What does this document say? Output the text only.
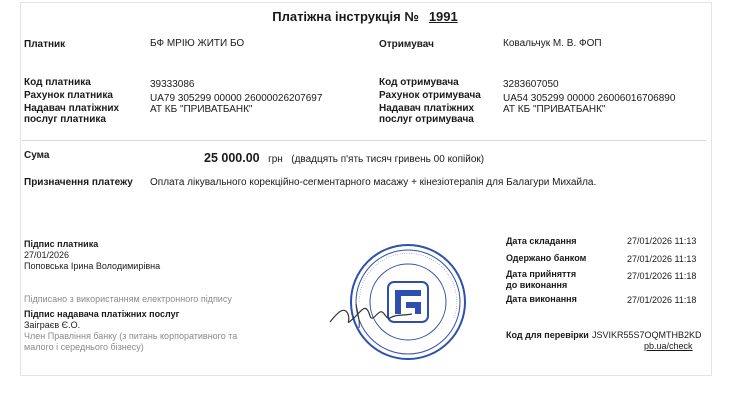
Платіжна інструкція № 1991
Платник	БФ МРІЮ ЖИТИ БО	Отримувач	Ковальчук М. В. ФОП
Код платника	39333086
Рахунок платника	UA79 305299 00000 26000026207697
Надавач платіжних
послуг платника
АТ КБ "ПРИВАТБАНК"
Код отримувача	3283607050
Рахунок отримувача UA54 305299 00000 26006016706890
Надавач платіжних
послуг отримувача
АТ КБ "ПРИВАТБАНК"
Сума	25 000.00 грн (двадцять п'ять тисяч гривень 00 копійок)
Призначення платежу Оплата лікувального корекційно-сегментарного масажу + кінезіотерапія для Балагури Михайла.
Підпис платника
27/01/2026
Поповська Ірина Володимирівна
Підписано з використанням електронного підпису
Підпис надавача платіжних послуг
Заіграєв Є.О.
Член Правління банку (з питань корпоративного та
малого і середнього бізнесу)
·········································································
Дата складання	27/01/2026 11:13
Одержано банком	27/01/2026 11:13
Дата прийняття
до виконання
27/01/2026 11:18
Дата виконання	27/01/2026 11:18
Код для перевірки JSVIKR55S7OQMTHB2KD
pb.ua/check
